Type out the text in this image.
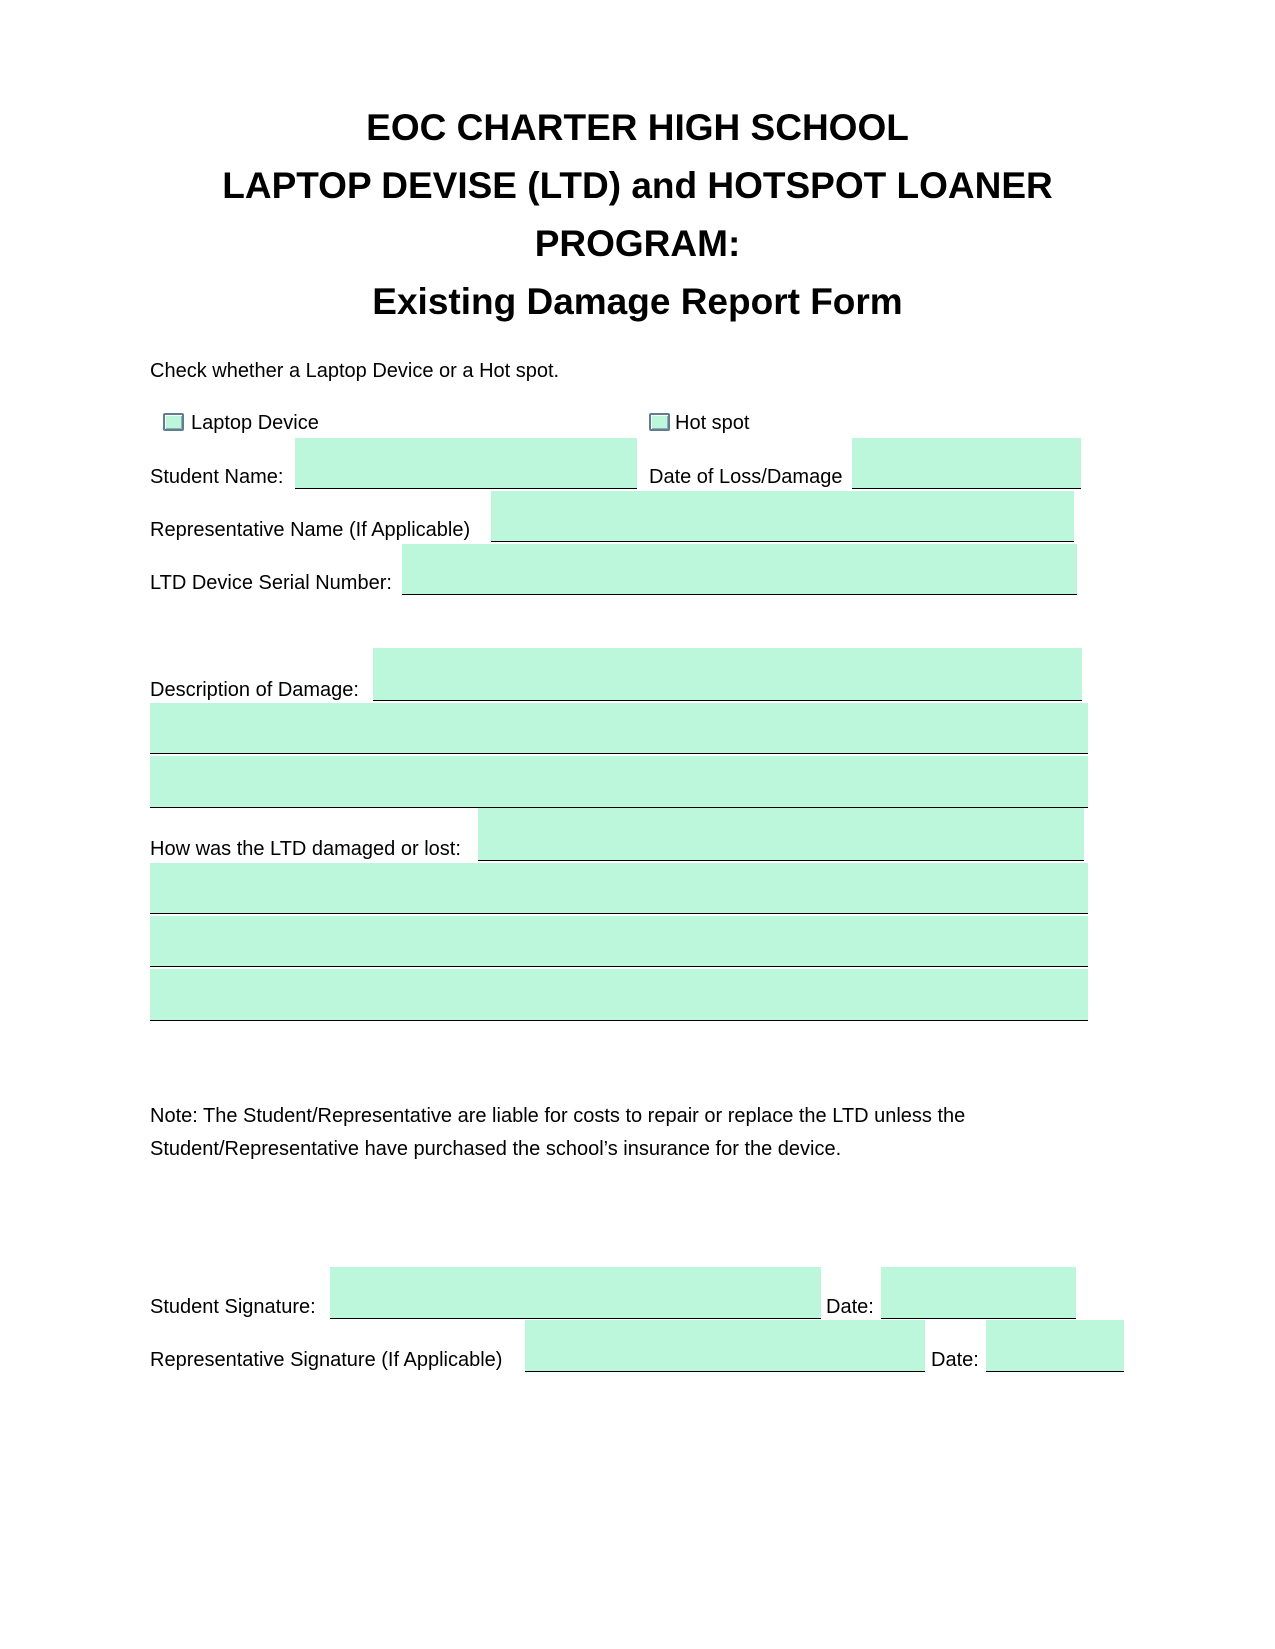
EOC CHARTER HIGH SCHOOL
LAPTOP DEVISE (LTD) and HOTSPOT LOANER
PROGRAM:
Existing Damage Report Form
Check whether a Laptop Device or a Hot spot.
Laptop Device	Hot spot
Student Name:	Date of Loss/Damage
Representative Name (If Applicable)
LTD Device Serial Number:
Description of Damage:
How was the LTD damaged or lost:
Note: The Student/Representative are liable for costs to repair or replace the LTD unless the
Student/Representative have purchased the school’s insurance for the device.
Student Signature:	Date:
Representative Signature (If Applicable)	Date:
